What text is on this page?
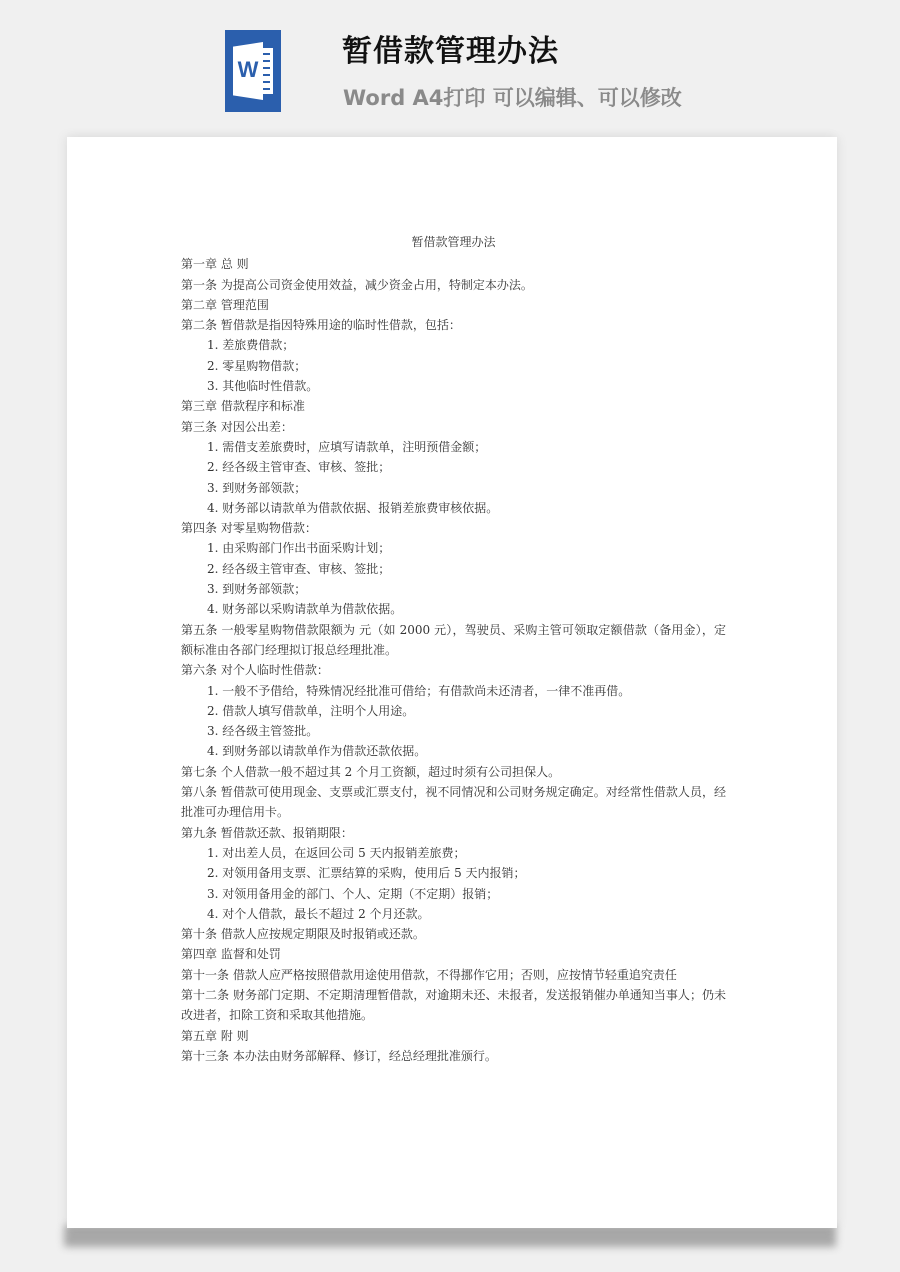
W
暂借款管理办法
Word A4打印 可以编辑、可以修改
暂借款管理办法
第一章 总 则
第一条 为提高公司资金使用效益，减少资金占用，特制定本办法。
第二章 管理范围
第二条 暂借款是指因特殊用途的临时性借款，包括：
1. 差旅费借款；
2. 零星购物借款；
3. 其他临时性借款。
第三章 借款程序和标准
第三条 对因公出差：
1. 需借支差旅费时，应填写请款单，注明预借金额；
2. 经各级主管审查、审核、签批；
3. 到财务部领款；
4. 财务部以请款单为借款依据、报销差旅费审核依据。
第四条 对零星购物借款：
1. 由采购部门作出书面采购计划；
2. 经各级主管审查、审核、签批；
3. 到财务部领款；
4. 财务部以采购请款单为借款依据。
第五条 一般零星购物借款限额为 元（如 2000 元），驾驶员、采购主管可领取定额借款（备用金），定额标准由各部门经理拟订报总经理批准。
第六条 对个人临时性借款：
1. 一般不予借给，特殊情况经批准可借给；有借款尚未还清者，一律不准再借。
2. 借款人填写借款单，注明个人用途。
3. 经各级主管签批。
4. 到财务部以请款单作为借款还款依据。
第七条 个人借款一般不超过其 2 个月工资额，超过时须有公司担保人。
第八条 暂借款可使用现金、支票或汇票支付，视不同情况和公司财务规定确定。对经常性借款人员，经批准可办理信用卡。
第九条 暂借款还款、报销期限：
1. 对出差人员，在返回公司 5 天内报销差旅费；
2. 对领用备用支票、汇票结算的采购，使用后 5 天内报销；
3. 对领用备用金的部门、个人、定期（不定期）报销；
4. 对个人借款，最长不超过 2 个月还款。
第十条 借款人应按规定期限及时报销或还款。
第四章 监督和处罚
第十一条 借款人应严格按照借款用途使用借款，不得挪作它用；否则，应按情节轻重追究责任
第十二条 财务部门定期、不定期清理暂借款，对逾期未还、未报者，发送报销催办单通知当事人；仍未改进者，扣除工资和采取其他措施。
第五章 附 则
第十三条 本办法由财务部解释、修订，经总经理批准颁行。
